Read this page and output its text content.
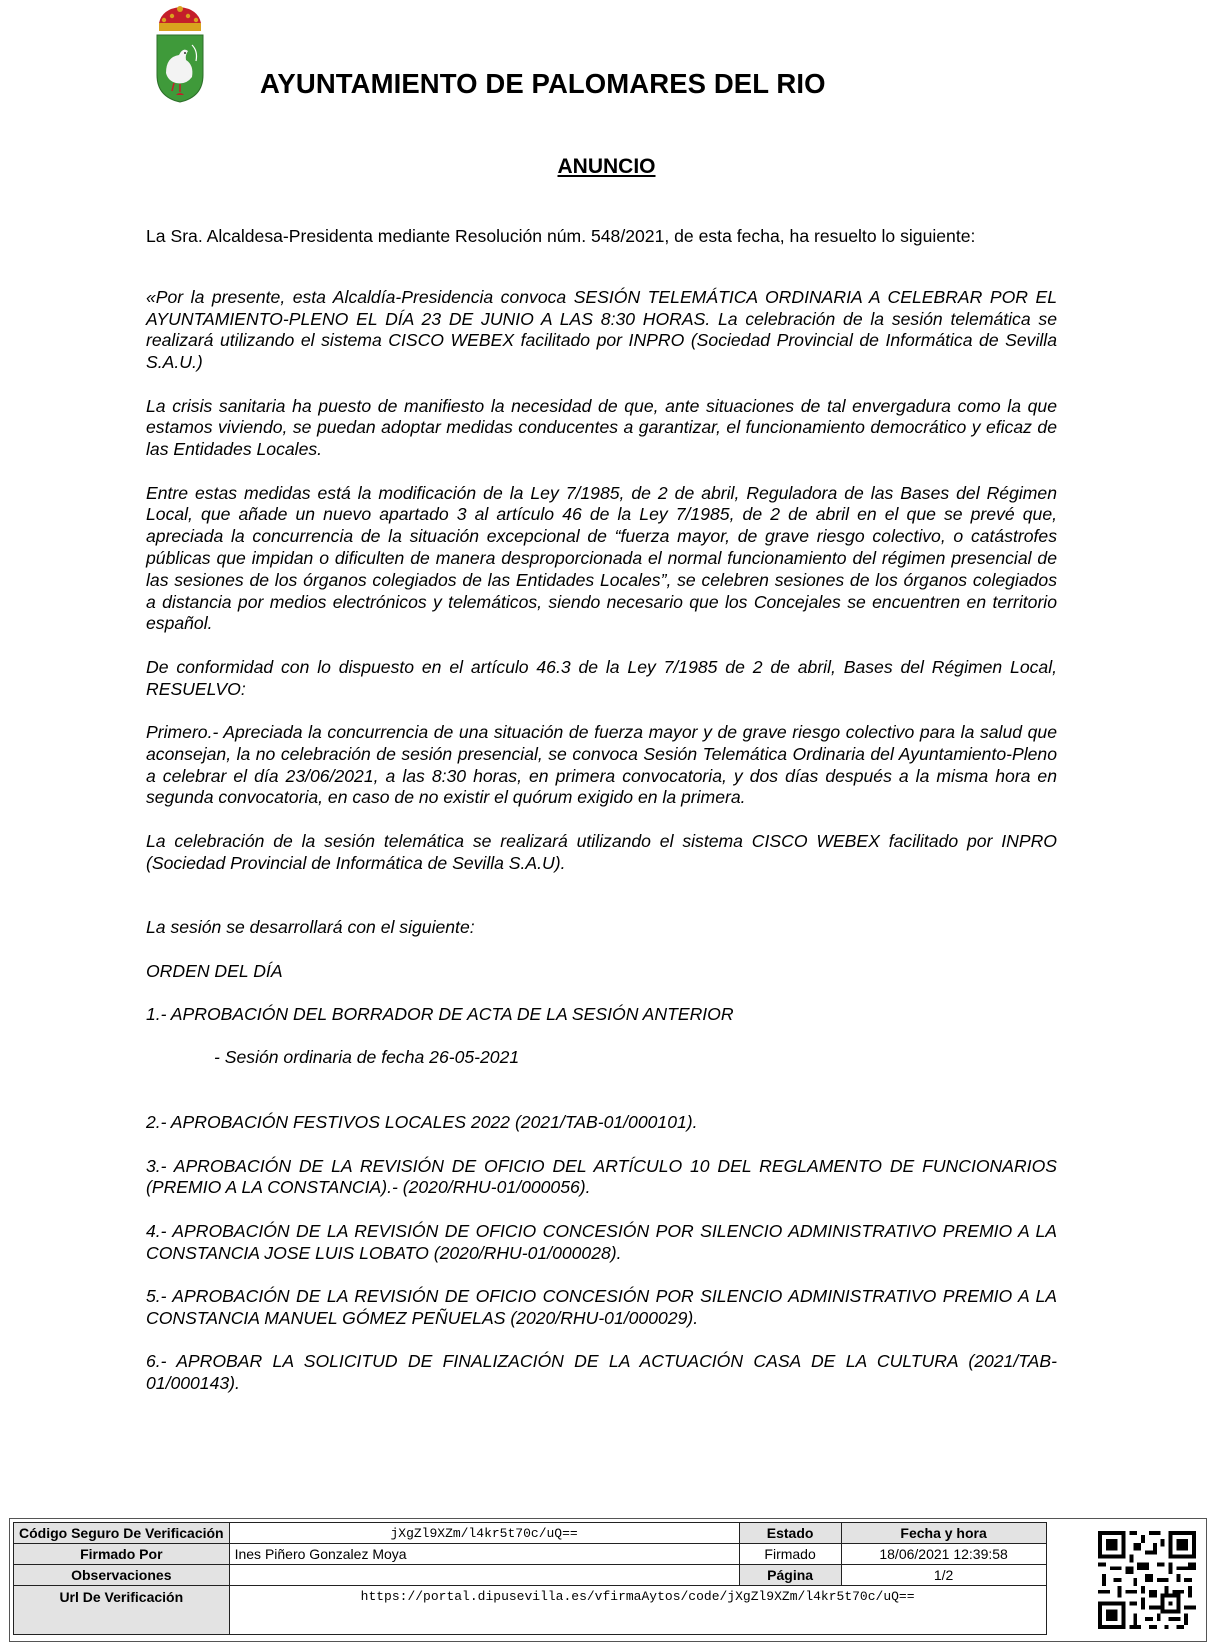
AYUNTAMIENTO DE PALOMARES DEL RIO
ANUNCIO

La Sra. Alcaldesa-Presidenta mediante Resolución núm. 548/2021, de esta fecha, ha resuelto lo siguiente:

«Por la presente, esta Alcaldía-Presidencia convoca SESIÓN TELEMÁTICA ORDINARIA A CELEBRAR POR EL AYUNTAMIENTO-PLENO EL DÍA 23 DE JUNIO A LAS 8:30 HORAS. La celebración de la sesión telemática se realizará utilizando el sistema CISCO WEBEX facilitado por INPRO (Sociedad Provincial de Informática de Sevilla S.A.U.)

La crisis sanitaria ha puesto de manifiesto la necesidad de que, ante situaciones de tal envergadura como la que estamos viviendo, se puedan adoptar medidas conducentes a garantizar, el funcionamiento democrático y eficaz de las Entidades Locales.

Entre estas medidas está la modificación de la Ley 7/1985, de 2 de abril, Reguladora de las Bases del Régimen Local, que añade un nuevo apartado 3 al artículo 46 de la Ley 7/1985, de 2 de abril en el que se prevé que, apreciada la concurrencia de la situación excepcional de “fuerza mayor, de grave riesgo colectivo, o catástrofes públicas que impidan o dificulten de manera desproporcionada el normal funcionamiento del régimen presencial de las sesiones de los órganos colegiados de las Entidades Locales”, se celebren sesiones de los órganos colegiados a distancia por medios electrónicos y telemáticos, siendo necesario que los Concejales se encuentren en territorio español.

De conformidad con lo dispuesto en el artículo 46.3 de la Ley 7/1985 de 2 de abril, Bases del Régimen Local, RESUELVO:

Primero.- Apreciada la concurrencia de una situación de fuerza mayor y de grave riesgo colectivo para la salud que aconsejan, la no celebración de sesión presencial, se convoca Sesión Telemática Ordinaria del Ayuntamiento-Pleno a celebrar el día 23/06/2021, a las 8:30 horas, en primera convocatoria, y dos días después a la misma hora en segunda convocatoria, en caso de no existir el quórum exigido en la primera.

La celebración de la sesión telemática se realizará utilizando el sistema CISCO WEBEX facilitado por INPRO (Sociedad Provincial de Informática de Sevilla S.A.U).

La sesión se desarrollará con el siguiente:

ORDEN DEL DÍA

1.- APROBACIÓN DEL BORRADOR DE ACTA DE LA SESIÓN ANTERIOR

- Sesión ordinaria de fecha 26-05-2021

2.- APROBACIÓN FESTIVOS LOCALES 2022 (2021/TAB-01/000101).

3.- APROBACIÓN DE LA REVISIÓN DE OFICIO DEL ARTÍCULO 10 DEL REGLAMENTO DE FUNCIONARIOS (PREMIO A LA CONSTANCIA).- (2020/RHU-01/000056).

4.- APROBACIÓN DE LA REVISIÓN DE OFICIO CONCESIÓN POR SILENCIO ADMINISTRATIVO PREMIO A LA CONSTANCIA JOSE LUIS LOBATO (2020/RHU-01/000028).

5.- APROBACIÓN DE LA REVISIÓN DE OFICIO CONCESIÓN POR SILENCIO ADMINISTRATIVO PREMIO A LA CONSTANCIA MANUEL GÓMEZ PEÑUELAS (2020/RHU-01/000029).

6.- APROBAR LA SOLICITUD DE FINALIZACIÓN DE LA ACTUACIÓN CASA DE LA CULTURA (2021/TAB-01/000143).

Código Seguro De Verificación	jXgZl9XZm/l4kr5t70c/uQ==	Estado	Fecha y hora
Firmado Por	Ines Piñero Gonzalez Moya	Firmado	18/06/2021 12:39:58
Observaciones		Página	1/2
Url De Verificación	https://portal.dipusevilla.es/vfirmaAytos/code/jXgZl9XZm/l4kr5t70c/uQ==		
